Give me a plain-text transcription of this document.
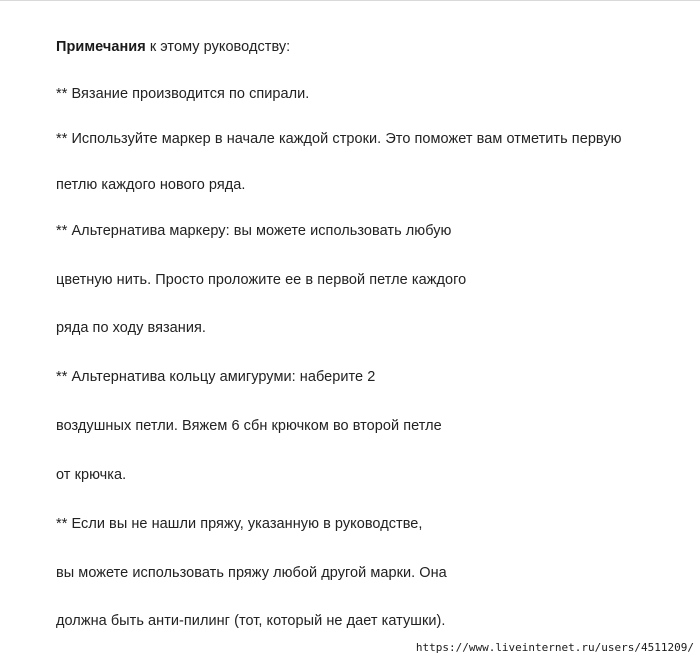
Примечания к этому руководству:
** Вязание производится по спирали.
** Используйте маркер в начале каждой строки. Это поможет вам отметить первую
петлю каждого нового ряда.
** Альтернатива маркеру: вы можете использовать любую
цветную нить. Просто проложите ее в первой петле каждого
ряда по ходу вязания.
** Альтернатива кольцу амигуруми: наберите 2
воздушных петли. Вяжем 6 сбн крючком во второй петле
от крючка.
** Если вы не нашли пряжу, указанную в руководстве,
вы можете использовать пряжу любой другой марки. Она
должна быть анти-пилинг (тот, который не дает катушки).
https://www.liveinternet.ru/users/4511209/
